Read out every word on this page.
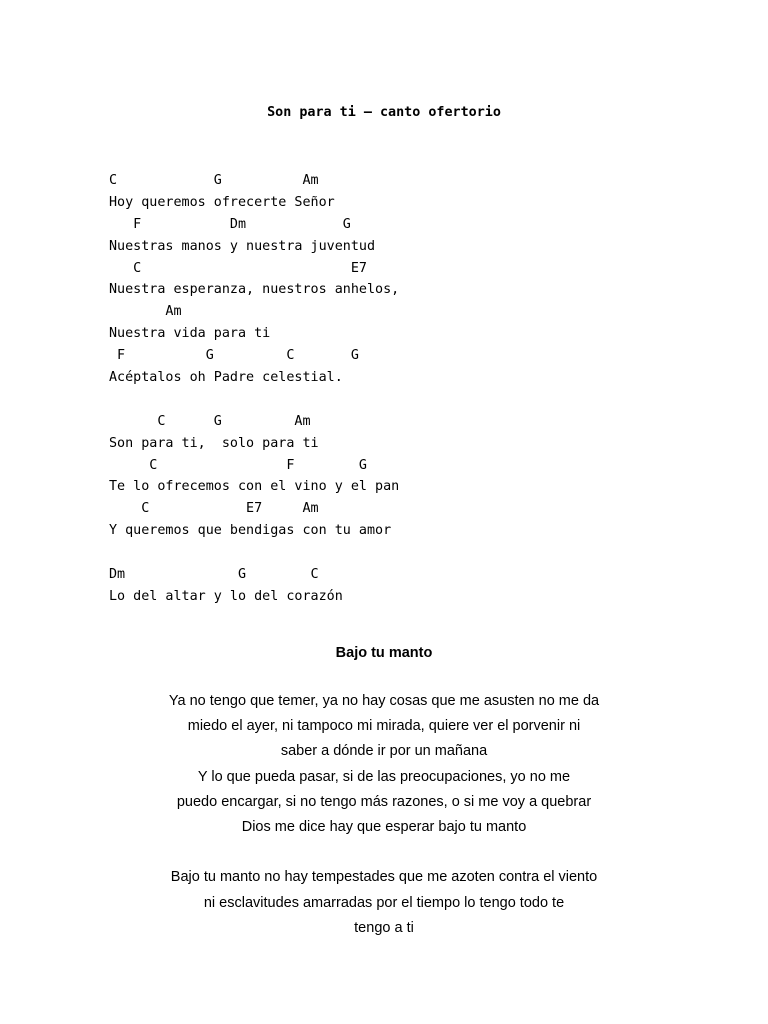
Son para ti – canto ofertorio
C            G          Am
Hoy queremos ofrecerte Señor
F           Dm            G
Nuestras manos y nuestra juventud
C                          E7
Nuestra esperanza, nuestros anhelos,
Am
Nuestra vida para ti
F          G         C       G
Acéptalos oh Padre celestial.
C      G         Am
Son para ti,  solo para ti
C                F        G
Te lo ofrecemos con el vino y el pan
C            E7     Am
Y queremos que bendigas con tu amor
Dm              G        C
Lo del altar y lo del corazón
Bajo tu manto
Ya no tengo que temer, ya no hay cosas que me asusten no me da
miedo el ayer, ni tampoco mi mirada, quiere ver el porvenir ni
saber a dónde ir por un mañana
Y lo que pueda pasar, si de las preocupaciones, yo no me
puedo encargar, si no tengo más razones, o si me voy a quebrar
Dios me dice hay que esperar bajo tu manto
Bajo tu manto no hay tempestades que me azoten contra el viento
ni esclavitudes amarradas por el tiempo lo tengo todo te
tengo a ti
